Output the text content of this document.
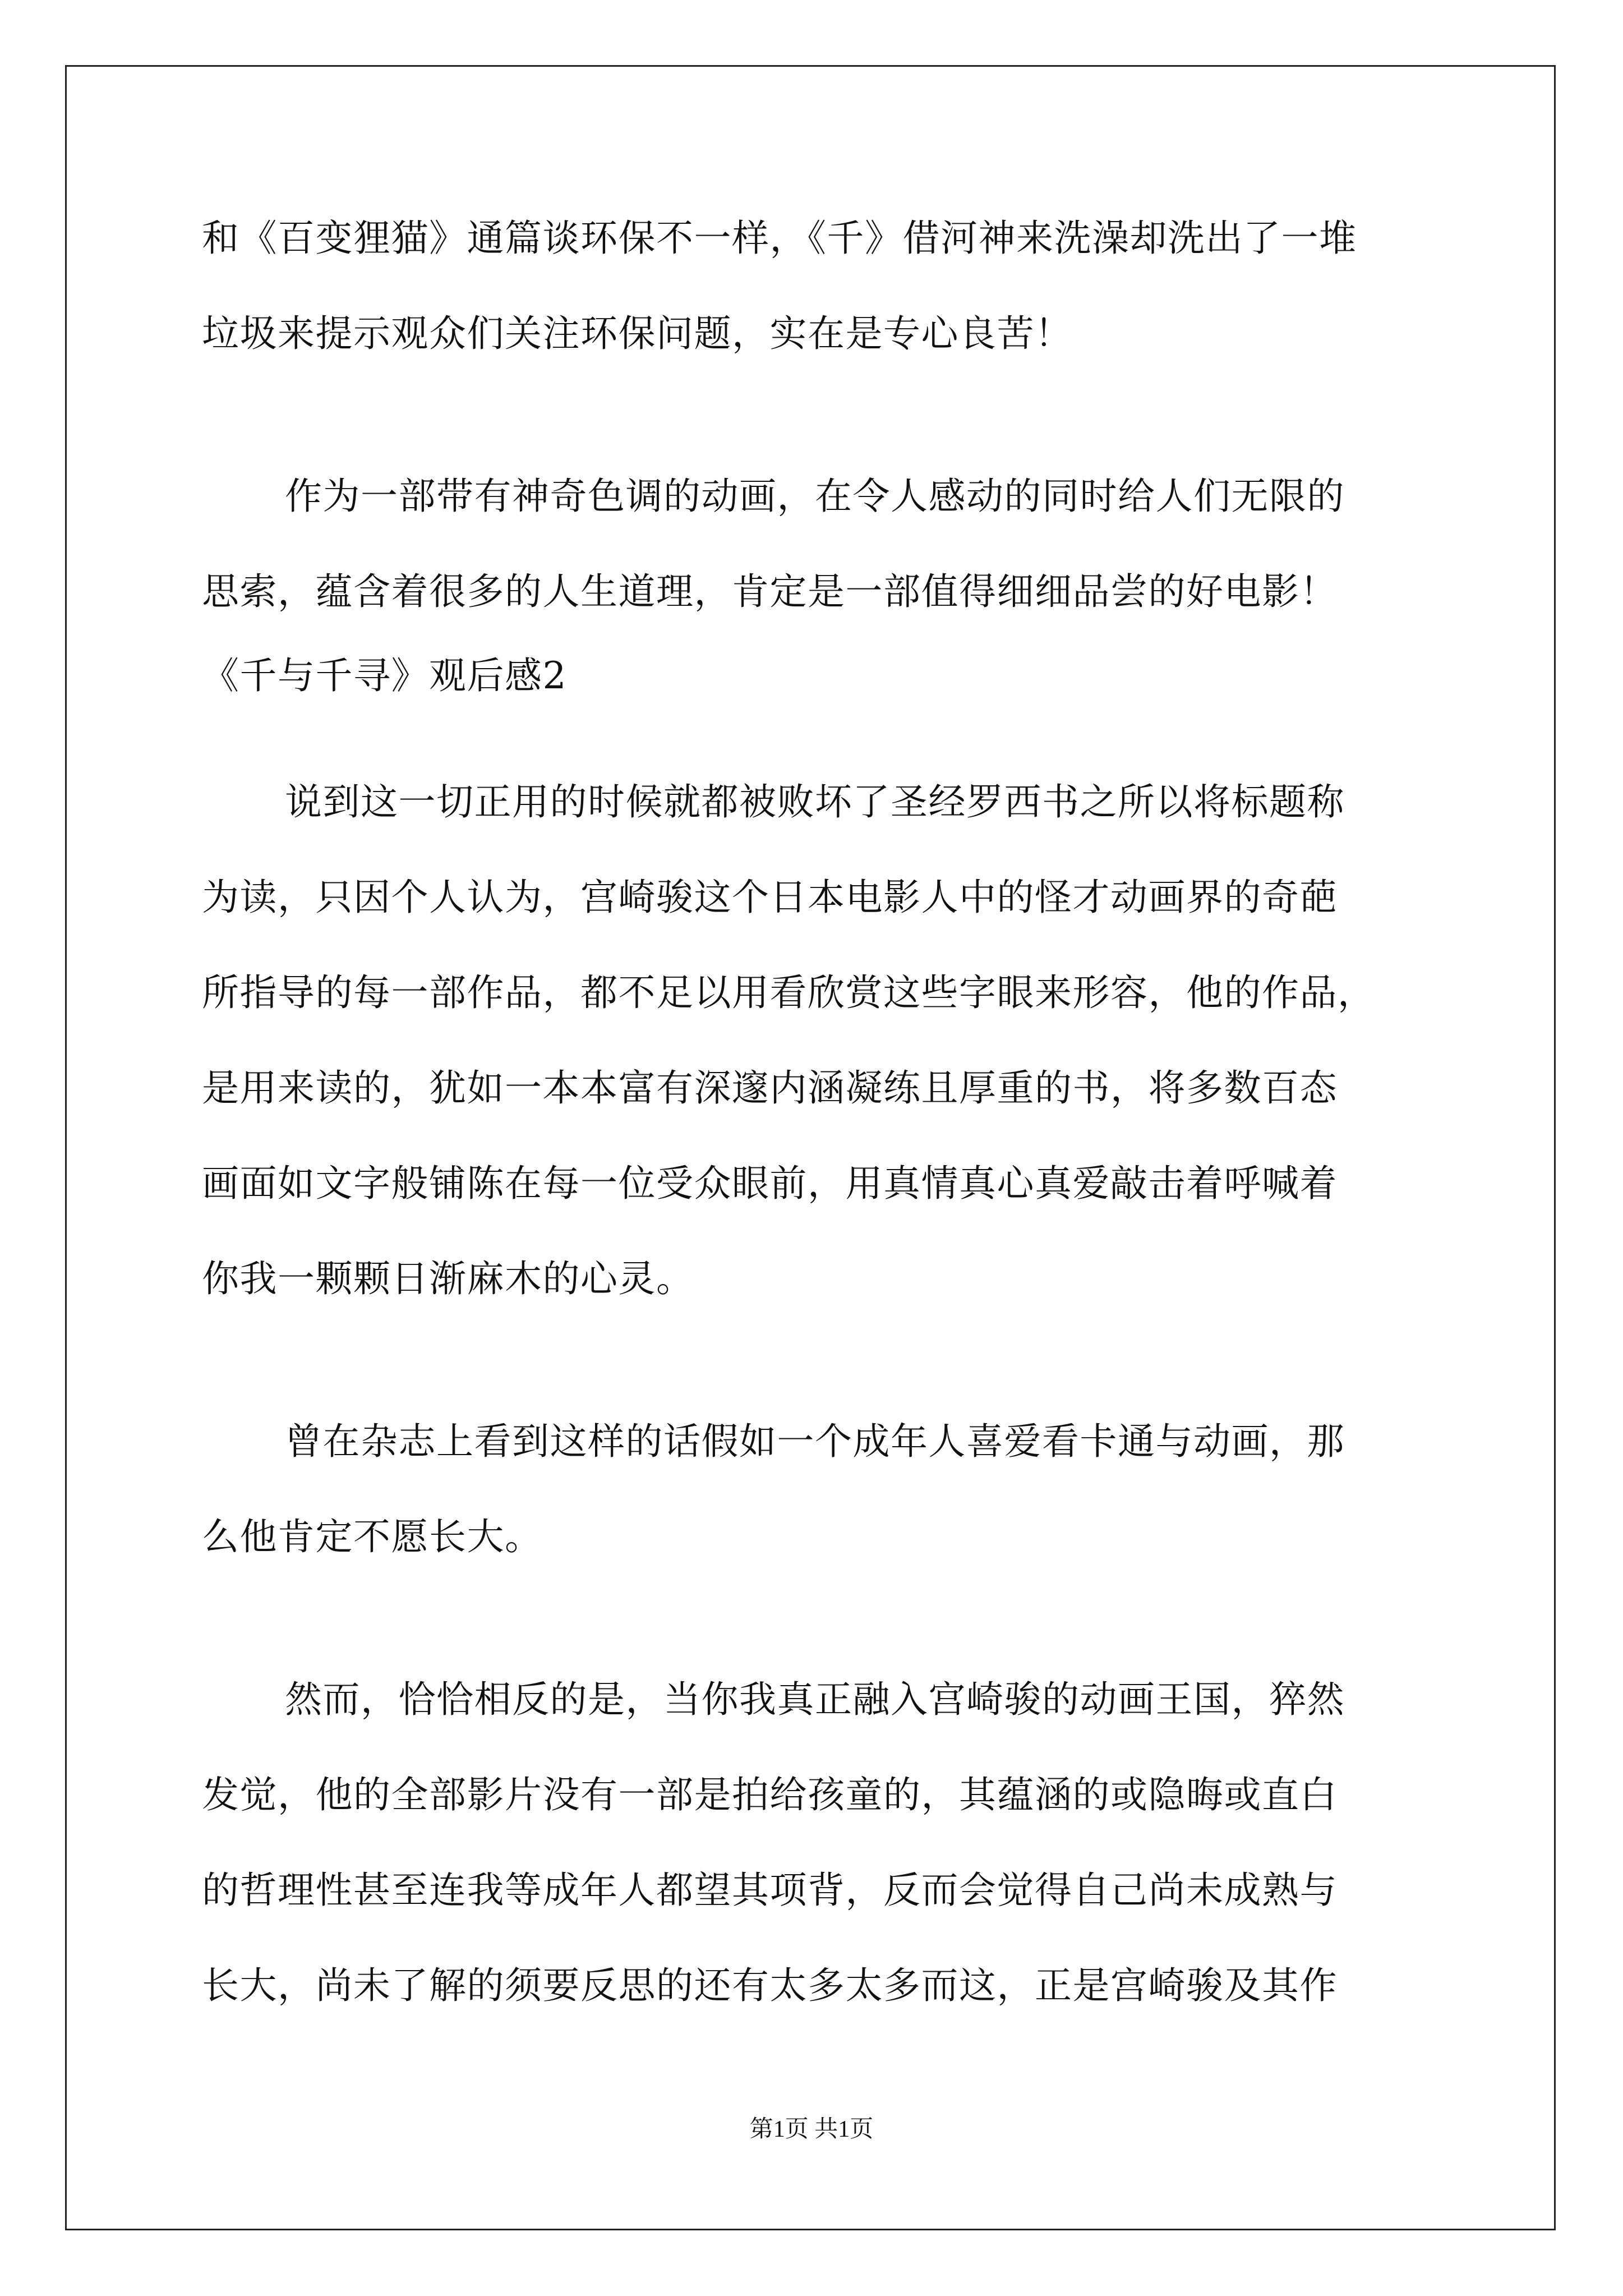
和《百变狸猫》通篇谈环保不一样，《千》借河神来洗澡却洗出了一堆

垃圾来提示观众们关注环保问题，实在是专心良苦！

作为一部带有神奇色调的动画，在令人感动的同时给人们无限的

思索，蕴含着很多的人生道理，肯定是一部值得细细品尝的好电影！

《千与千寻》观后感2

说到这一切正用的时候就都被败坏了圣经罗西书之所以将标题称

为读，只因个人认为，宫崎骏这个日本电影人中的怪才动画界的奇葩

所指导的每一部作品，都不足以用看欣赏这些字眼来形容，他的作品，

是用来读的，犹如一本本富有深邃内涵凝练且厚重的书，将多数百态

画面如文字般铺陈在每一位受众眼前，用真情真心真爱敲击着呼喊着

你我一颗颗日渐麻木的心灵。

曾在杂志上看到这样的话假如一个成年人喜爱看卡通与动画，那

么他肯定不愿长大。

然而，恰恰相反的是，当你我真正融入宫崎骏的动画王国，猝然

发觉，他的全部影片没有一部是拍给孩童的，其蕴涵的或隐晦或直白

的哲理性甚至连我等成年人都望其项背，反而会觉得自己尚未成熟与

长大，尚未了解的须要反思的还有太多太多而这，正是宫崎骏及其作

第1页 共1页
